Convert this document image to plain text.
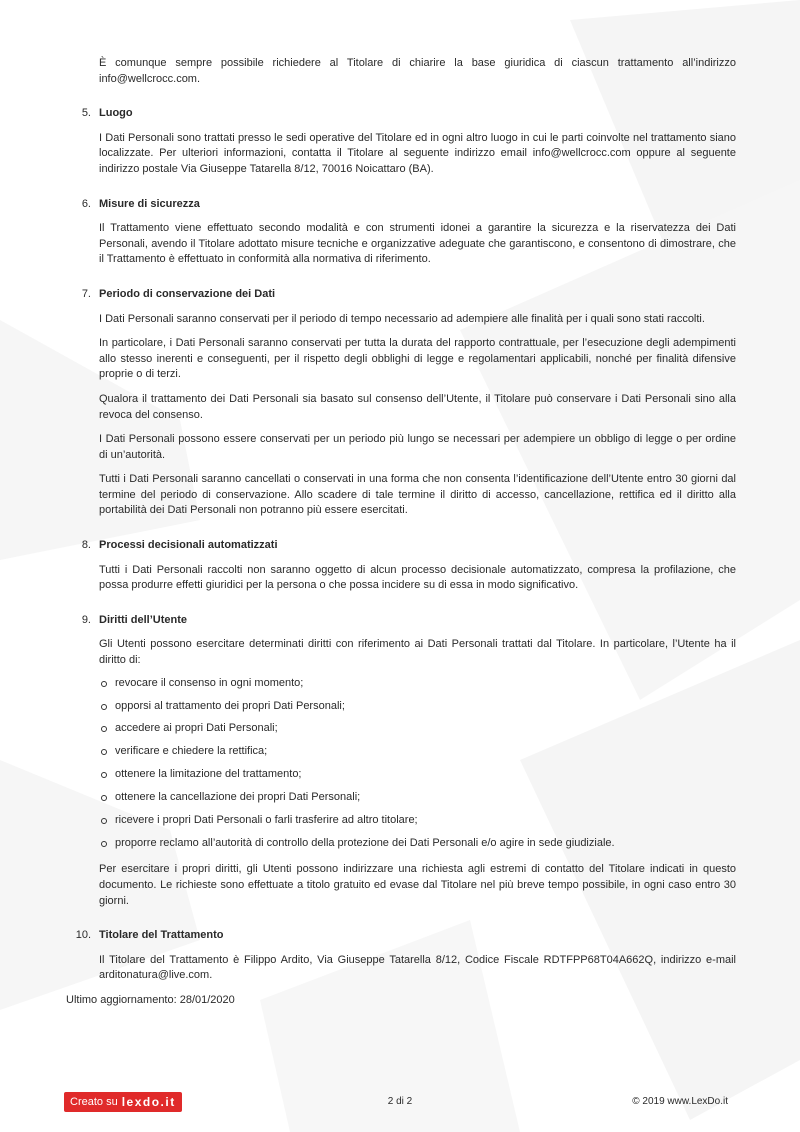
È comunque sempre possibile richiedere al Titolare di chiarire la base giuridica di ciascun trattamento all’indirizzo info@wellcrocc.com.

5. Luogo

I Dati Personali sono trattati presso le sedi operative del Titolare ed in ogni altro luogo in cui le parti coinvolte nel trattamento siano localizzate. Per ulteriori informazioni, contatta il Titolare al seguente indirizzo email info@wellcrocc.com oppure al seguente indirizzo postale Via Giuseppe Tatarella 8/12, 70016 Noicattaro (BA).

6. Misure di sicurezza

Il Trattamento viene effettuato secondo modalità e con strumenti idonei a garantire la sicurezza e la riservatezza dei Dati Personali, avendo il Titolare adottato misure tecniche e organizzative adeguate che garantiscono, e consentono di dimostrare, che il Trattamento è effettuato in conformità alla normativa di riferimento.

7. Periodo di conservazione dei Dati

I Dati Personali saranno conservati per il periodo di tempo necessario ad adempiere alle finalità per i quali sono stati raccolti.

In particolare, i Dati Personali saranno conservati per tutta la durata del rapporto contrattuale, per l’esecuzione degli adempimenti allo stesso inerenti e conseguenti, per il rispetto degli obblighi di legge e regolamentari applicabili, nonché per finalità difensive proprie o di terzi.

Qualora il trattamento dei Dati Personali sia basato sul consenso dell’Utente, il Titolare può conservare i Dati Personali sino alla revoca del consenso.

I Dati Personali possono essere conservati per un periodo più lungo se necessari per adempiere un obbligo di legge o per ordine di un’autorità.

Tutti i Dati Personali saranno cancellati o conservati in una forma che non consenta l’identificazione dell’Utente entro 30 giorni dal termine del periodo di conservazione. Allo scadere di tale termine il diritto di accesso, cancellazione, rettifica ed il diritto alla portabilità dei Dati Personali non potranno più essere esercitati.

8. Processi decisionali automatizzati

Tutti i Dati Personali raccolti non saranno oggetto di alcun processo decisionale automatizzato, compresa la profilazione, che possa produrre effetti giuridici per la persona o che possa incidere su di essa in modo significativo.

9. Diritti dell’Utente

Gli Utenti possono esercitare determinati diritti con riferimento ai Dati Personali trattati dal Titolare. In particolare, l’Utente ha il diritto di:

revocare il consenso in ogni momento;
opporsi al trattamento dei propri Dati Personali;
accedere ai propri Dati Personali;
verificare e chiedere la rettifica;
ottenere la limitazione del trattamento;
ottenere la cancellazione dei propri Dati Personali;
ricevere i propri Dati Personali o farli trasferire ad altro titolare;
proporre reclamo all’autorità di controllo della protezione dei Dati Personali e/o agire in sede giudiziale.

Per esercitare i propri diritti, gli Utenti possono indirizzare una richiesta agli estremi di contatto del Titolare indicati in questo documento. Le richieste sono effettuate a titolo gratuito ed evase dal Titolare nel più breve tempo possibile, in ogni caso entro 30 giorni.

10. Titolare del Trattamento

Il Titolare del Trattamento è Filippo Ardito, Via Giuseppe Tatarella 8/12, Codice Fiscale RDTFPP68T04A662Q, indirizzo e-mail arditonatura@live.com.

Ultimo aggiornamento: 28/01/2020

Creato su lexdo.it	2 di 2	© 2019 www.LexDo.it
